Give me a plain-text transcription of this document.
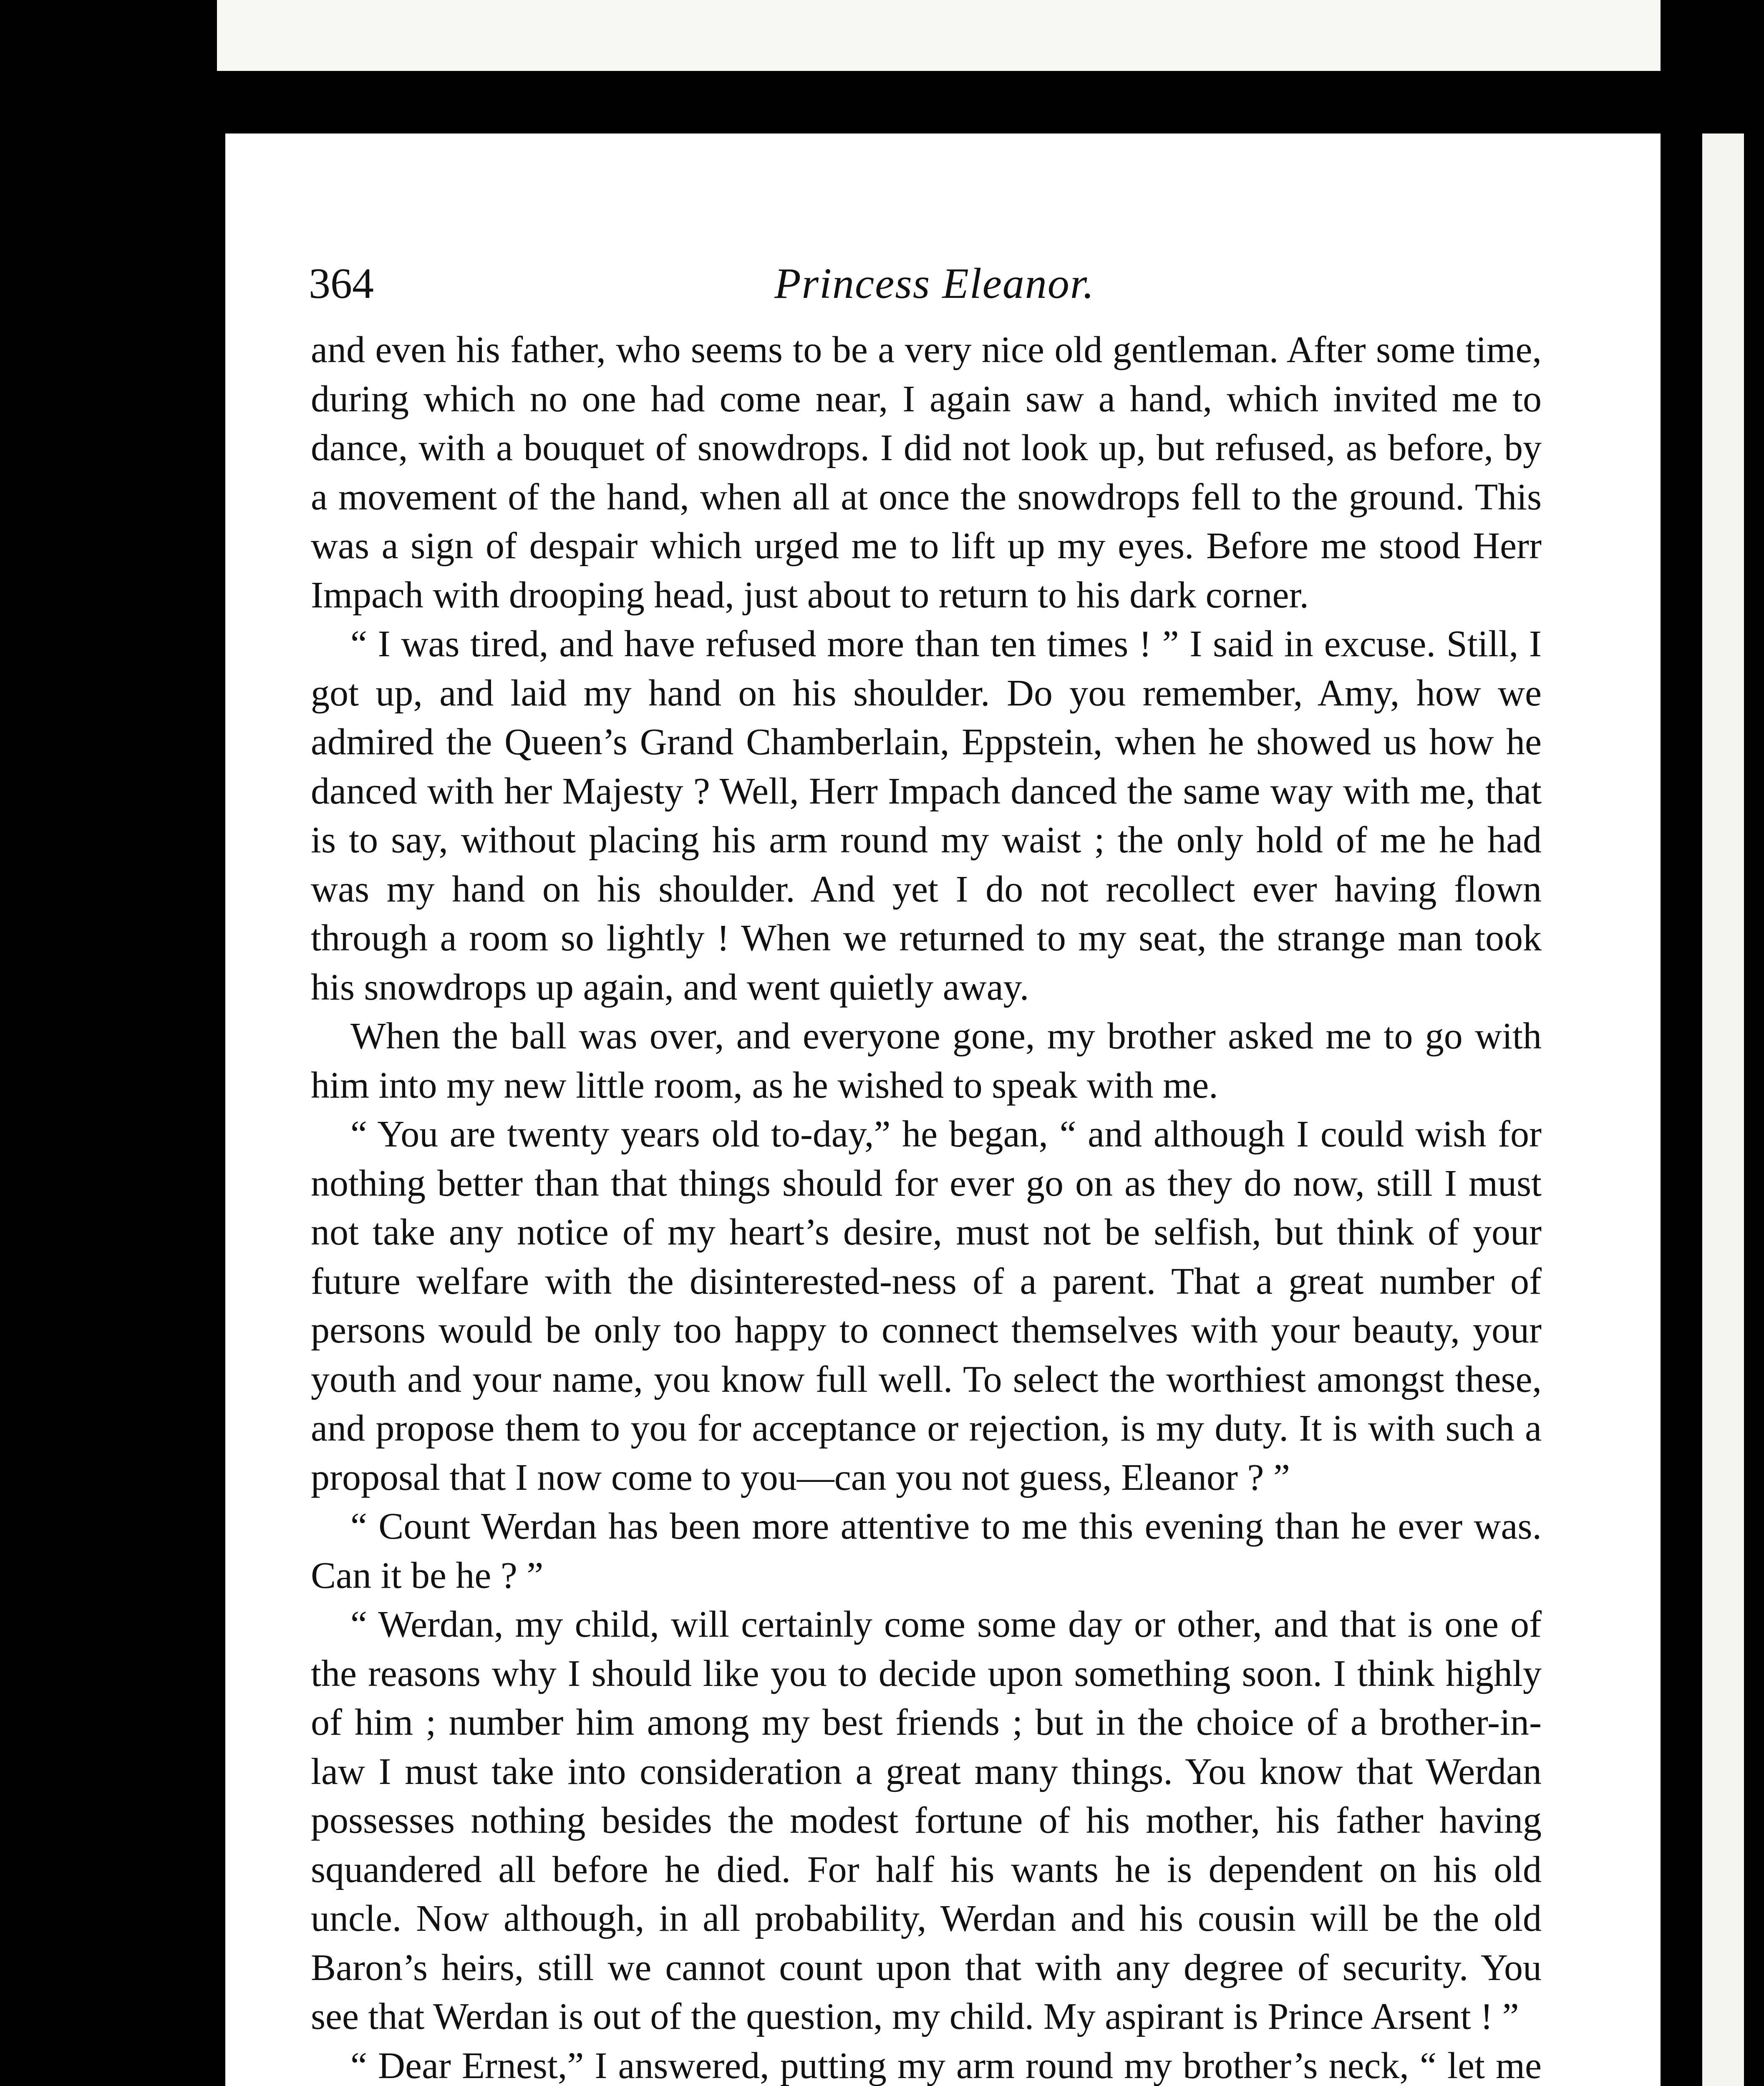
364	Princess Eleanor.

and even his father, who seems to be a very nice old gentleman. After some time, during which no one had come near, I again saw a hand, which invited me to dance, with a bouquet of snowdrops. I did not look up, but refused, as before, by a movement of the hand, when all at once the snowdrops fell to the ground. This was a sign of despair which urged me to lift up my eyes. Before me stood Herr Impach with drooping head, just about to return to his dark corner.

“ I was tired, and have refused more than ten times ! ” I said in excuse. Still, I got up, and laid my hand on his shoulder. Do you remember, Amy, how we admired the Queen’s Grand Chamberlain, Eppstein, when he showed us how he danced with her Majesty ? Well, Herr Impach danced the same way with me, that is to say, without placing his arm round my waist ; the only hold of me he had was my hand on his shoulder. And yet I do not recollect ever having flown through a room so lightly ! When we returned to my seat, the strange man took his snowdrops up again, and went quietly away.

When the ball was over, and everyone gone, my brother asked me to go with him into my new little room, as he wished to speak with me.

“ You are twenty years old to-day,” he began, “ and although I could wish for nothing better than that things should for ever go on as they do now, still I must not take any notice of my heart’s desire, must not be selfish, but think of your future welfare with the disinterested-ness of a parent. That a great number of persons would be only too happy to connect themselves with your beauty, your youth and your name, you know full well. To select the worthiest amongst these, and propose them to you for acceptance or rejection, is my duty. It is with such a proposal that I now come to you—can you not guess, Eleanor ? ”

“ Count Werdan has been more attentive to me this evening than he ever was. Can it be he ? ”

“ Werdan, my child, will certainly come some day or other, and that is one of the reasons why I should like you to decide upon something soon. I think highly of him ; number him among my best friends ; but in the choice of a brother-in-law I must take into consideration a great many things. You know that Werdan possesses nothing besides the modest fortune of his mother, his father having squandered all before he died. For half his wants he is dependent on his old uncle. Now although, in all probability, Werdan and his cousin will be the old Baron’s heirs, still we cannot count upon that with any degree of security. You see that Werdan is out of the question, my child. My aspirant is Prince Arsent ! ”

“ Dear Ernest,” I answered, putting my arm round my brother’s neck, “ let me
